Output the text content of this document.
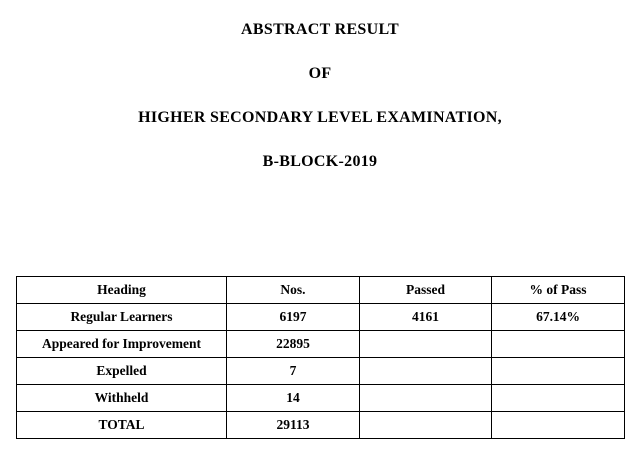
ABSTRACT RESULT

OF

HIGHER SECONDARY LEVEL EXAMINATION,

B-BLOCK-2019

Heading	Nos.	Passed	% of Pass
Regular Learners	6197	4161	67.14%
Appeared for Improvement	22895		
Expelled	7		
Withheld	14		
TOTAL	29113		
